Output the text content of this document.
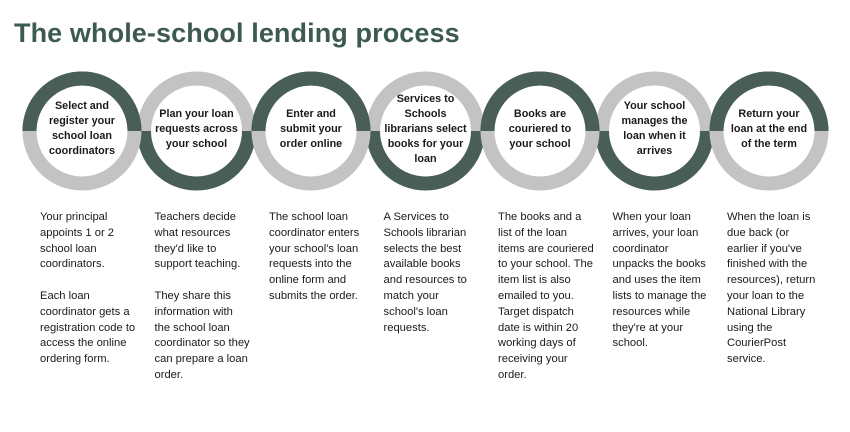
The whole-school lending process
Select and register your school loan coordinators

Your principal appoints 1 or 2 school loan coordinators.

Each loan coordinator gets a registration code to access the online ordering form.

Plan your loan requests across your school

Teachers decide what resources they'd like to support teaching.

They share this information with the school loan coordinator so they can prepare a loan order.

Enter and submit your order online

The school loan coordinator enters your school's loan requests into the online form and submits the order.

Services to Schools librarians select books for your loan

A Services to Schools librarian selects the best available books and resources to match your school's loan requests.

Books are couriered to your school

The books and a list of the loan items are couriered to your school. The item list is also emailed to you. Target dispatch date is within 20 working days of receiving your order.

Your school manages the loan when it arrives

When your loan arrives, your loan coordinator unpacks the books and uses the item lists to manage the resources while they're at your school.

Return your loan at the end of the term

When the loan is due back (or earlier if you've finished with the resources), return your loan to the National Library using the CourierPost service.
